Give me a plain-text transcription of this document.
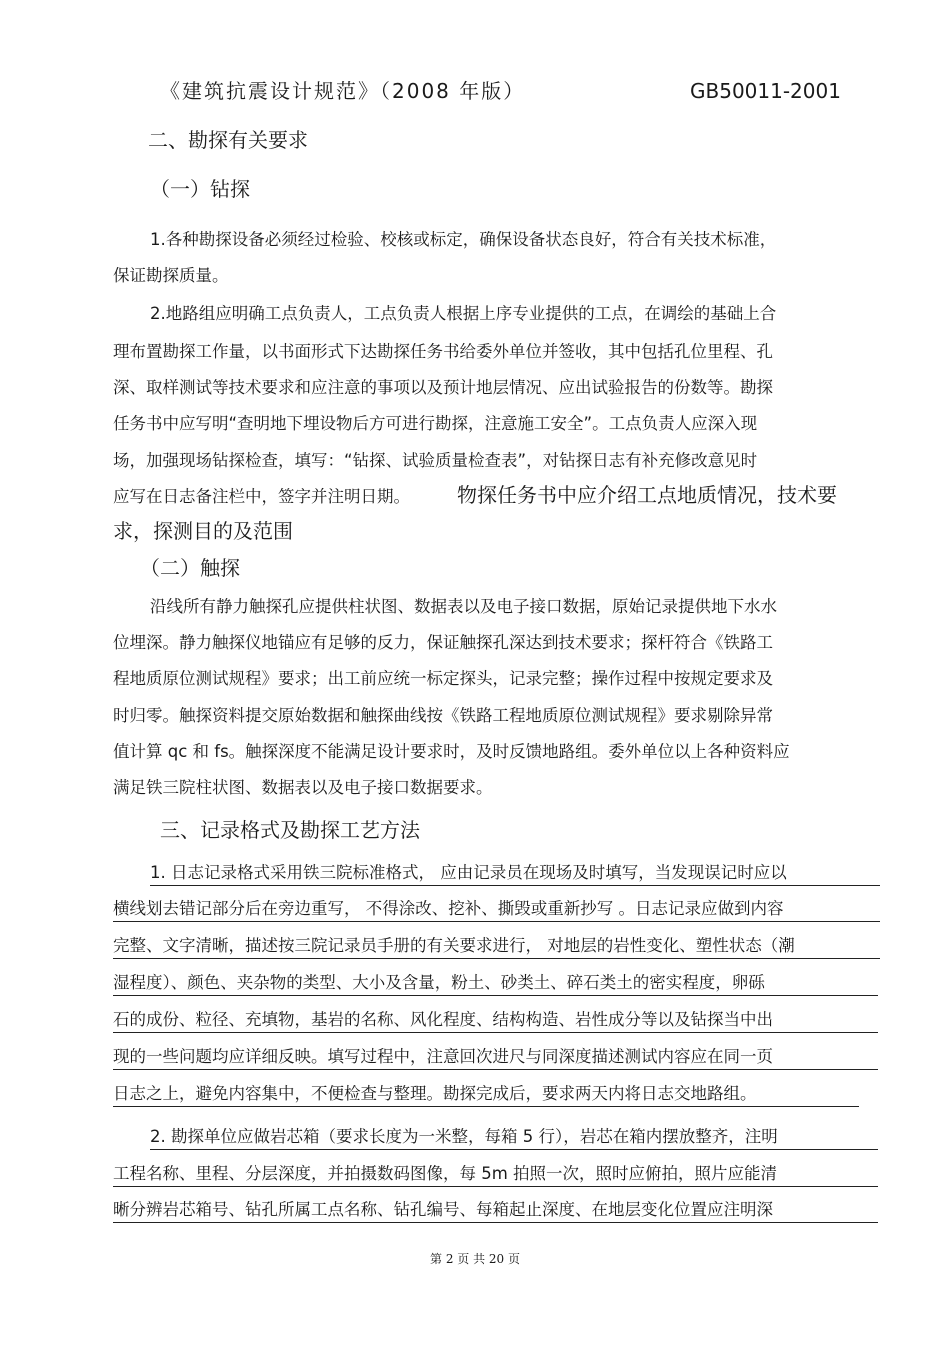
《建筑抗震设计规范》（2008 年版）	GB50011-2001
二、勘探有关要求
（一）钻探
1.各种勘探设备必须经过检验、校核或标定，确保设备状态良好，符合有关技术标准，
保证勘探质量。
2.地路组应明确工点负责人，工点负责人根据上序专业提供的工点，在调绘的基础上合
理布置勘探工作量，以书面形式下达勘探任务书给委外单位并签收，其中包括孔位里程、孔
深、取样测试等技术要求和应注意的事项以及预计地层情况、应出试验报告的份数等。勘探
任务书中应写明“查明地下埋设物后方可进行勘探，注意施工安全”。工点负责人应深入现
场，加强现场钻探检查，填写：“钻探、试验质量检查表”，对钻探日志有补充修改意见时
应写在日志备注栏中，签字并注明日期。 物探任务书中应介绍工点地质情况，技术要
求，探测目的及范围
（二）触探
沿线所有静力触探孔应提供柱状图、数据表以及电子接口数据，原始记录提供地下水水
位埋深。静力触探仪地锚应有足够的反力，保证触探孔深达到技术要求；探杆符合《铁路工
程地质原位测试规程》要求；出工前应统一标定探头，记录完整；操作过程中按规定要求及
时归零。触探资料提交原始数据和触探曲线按《铁路工程地质原位测试规程》要求剔除异常
值计算 qc 和 fs。触探深度不能满足设计要求时，及时反馈地路组。委外单位以上各种资料应
满足铁三院柱状图、数据表以及电子接口数据要求。
三、记录格式及勘探工艺方法
1. 日志记录格式采用铁三院标准格式， 应由记录员在现场及时填写，当发现误记时应以
横线划去错记部分后在旁边重写， 不得涂改、挖补、撕毁或重新抄写 。日志记录应做到内容
完整、文字清晰，描述按三院记录员手册的有关要求进行， 对地层的岩性变化、塑性状态（潮
湿程度）、颜色、夹杂物的类型、大小及含量，粉土、砂类土、碎石类土的密实程度，卵砾
石的成份、粒径、充填物，基岩的名称、风化程度、结构构造、岩性成分等以及钻探当中出
现的一些问题均应详细反映。填写过程中，注意回次进尺与同深度描述测试内容应在同一页
日志之上，避免内容集中，不便检查与整理。勘探完成后，要求两天内将日志交地路组。
2. 勘探单位应做岩芯箱（要求长度为一米整，每箱 5 行），岩芯在箱内摆放整齐，注明
工程名称、里程、分层深度，并拍摄数码图像，每 5m 拍照一次，照时应俯拍，照片应能清
晰分辨岩芯箱号、钻孔所属工点名称、钻孔编号、每箱起止深度、在地层变化位置应注明深
第 2 页 共 20 页
